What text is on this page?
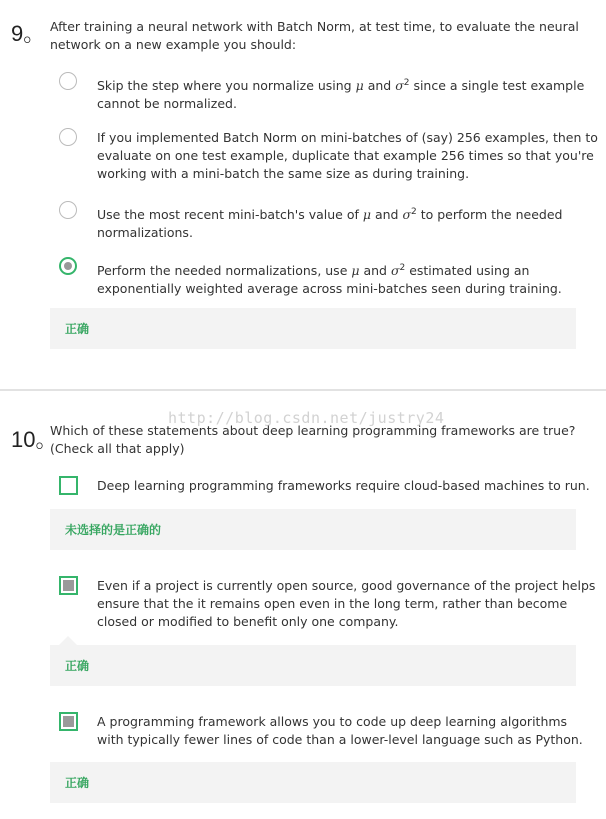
9。 After training a neural network with Batch Norm, at test time, to evaluate the neural
network on a new example you should:
Skip the step where you normalize using μ and $\sigma^2$ since a single test example
cannot be normalized.
If you implemented Batch Norm on mini-batches of (say) 256 examples, then to
evaluate on one test example, duplicate that example 256 times so that you're
working with a mini-batch the same size as during training.
Use the most recent mini-batch's value of μ and $\sigma^2$ to perform the needed
normalizations.
Perform the needed normalizations, use μ and $\sigma^2$ estimated using an
exponentially weighted average across mini-batches seen during training.
正确
http://blog.csdn.net/justry24
10。
Which of these statements about deep learning programming frameworks are true?
(Check all that apply)
Deep learning programming frameworks require cloud-based machines to run.
未选择的是正确的
Even if a project is currently open source, good governance of the project helps
ensure that the it remains open even in the long term, rather than become
closed or modified to benefit only one company.
正确
A programming framework allows you to code up deep learning algorithms
with typically fewer lines of code than a lower-level language such as Python.
正确
